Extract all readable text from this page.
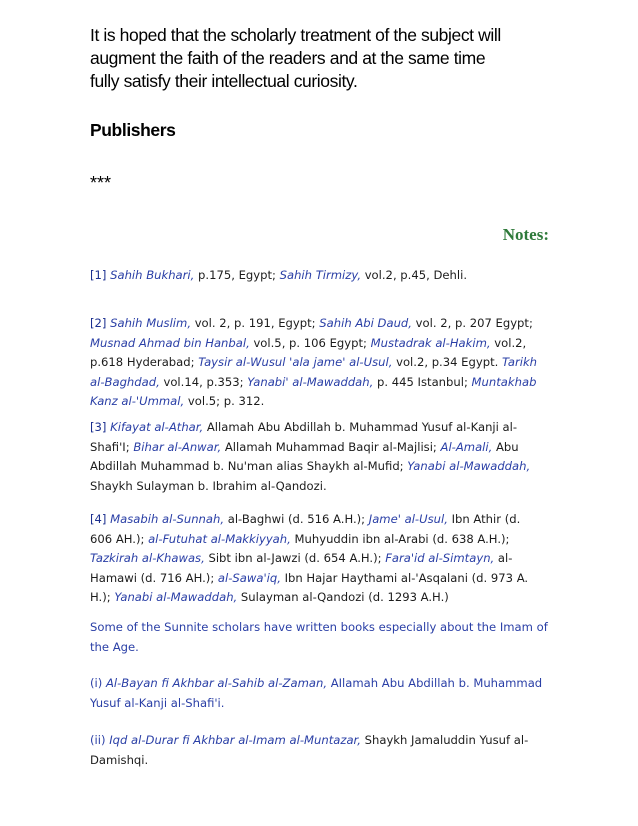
It is hoped that the scholarly treatment of the subject will
augment the faith of the readers and at the same time
fully satisfy their intellectual curiosity.

Publishers
***
Notes:

[1] Sahih Bukhari, p.175, Egypt; Sahih Tirmizy, vol.2, p.45, Dehli.

[2] Sahih Muslim, vol. 2, p. 191, Egypt; Sahih Abi Daud, vol. 2, p. 207 Egypt;
Musnad Ahmad bin Hanbal, vol.5, p. 106 Egypt; Mustadrak al-Hakim, vol.2,
p.618 Hyderabad; Taysir al-Wusul 'ala jame' al-Usul, vol.2, p.34 Egypt. Tarikh
al-Baghdad, vol.14, p.353; Yanabi' al-Mawaddah, p. 445 Istanbul; Muntakhab
Kanz al-'Ummal, vol.5; p. 312.

[3] Kifayat al-Athar, Allamah Abu Abdillah b. Muhammad Yusuf al-Kanji al-
Shafi'I; Bihar al-Anwar, Allamah Muhammad Baqir al-Majlisi; Al-Amali, Abu
Abdillah Muhammad b. Nu'man alias Shaykh al-Mufid; Yanabi al-Mawaddah,
Shaykh Sulayman b. Ibrahim al-Qandozi.

[4] Masabih al-Sunnah, al-Baghwi (d. 516 A.H.); Jame' al-Usul, Ibn Athir (d.
606 AH.); al-Futuhat al-Makkiyyah, Muhyuddin ibn al-Arabi (d. 638 A.H.);
Tazkirah al-Khawas, Sibt ibn al-Jawzi (d. 654 A.H.); Fara'id al-Simtayn, al-
Hamawi (d. 716 AH.); al-Sawa'iq, Ibn Hajar Haythami al-'Asqalani (d. 973 A.
H.); Yanabi al-Mawaddah, Sulayman al-Qandozi (d. 1293 A.H.)

Some of the Sunnite scholars have written books especially about the Imam of
the Age.

(i) Al-Bayan fi Akhbar al-Sahib al-Zaman, AIlamah Abu Abdillah b. Muhammad
Yusuf al-Kanji al-Shafi'i.

(ii) Iqd al-Durar fi Akhbar al-Imam al-Muntazar, Shaykh Jamaluddin Yusuf al-
Damishqi.
